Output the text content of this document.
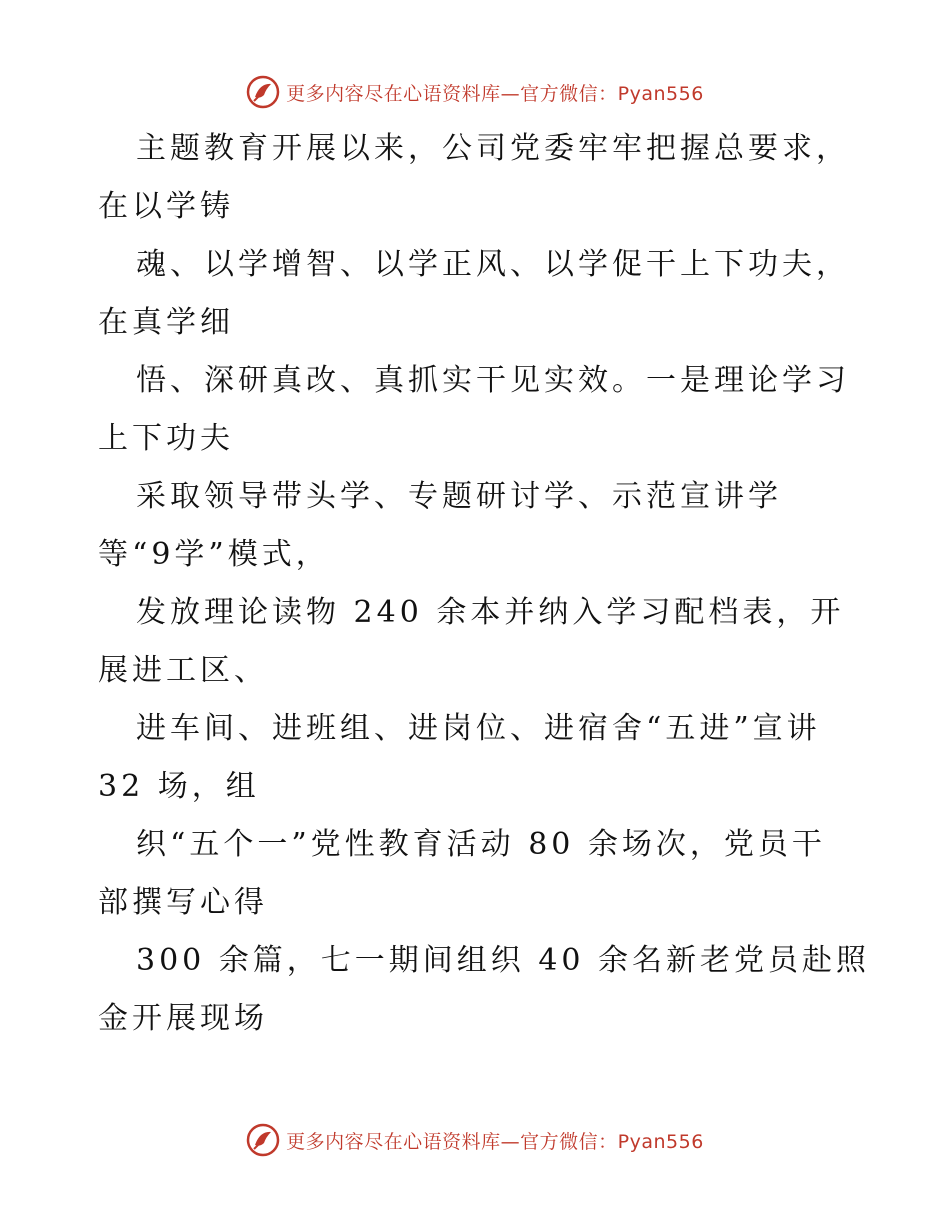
更多内容尽在心语资料库—官方微信：Pyan556
主题教育开展以来，公司党委牢牢把握总要求，
在以学铸
魂、以学增智、以学正风、以学促干上下功夫，
在真学细
悟、深研真改、真抓实干见实效。一是理论学习
上下功夫
采取领导带头学、专题研讨学、示范宣讲学
等“9学”模式，
发放理论读物 240 余本并纳入学习配档表，开
展进工区、
进车间、进班组、进岗位、进宿舍“五进”宣讲
32 场，组
织“五个一”党性教育活动 80 余场次，党员干
部撰写心得
300 余篇，七一期间组织 40 余名新老党员赴照
金开展现场
更多内容尽在心语资料库—官方微信：Pyan556
